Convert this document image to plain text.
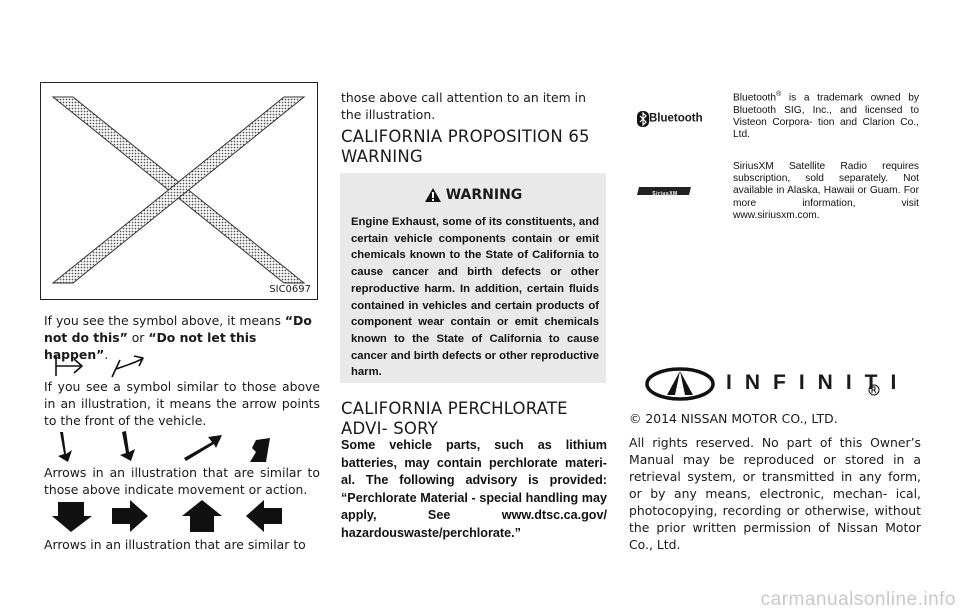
SIC0697

If you see the symbol above, it means “Do not do this” or “Do not let this happen”.

If you see a symbol similar to those above in an illustration, it means the arrow points to the front of the vehicle.

Arrows in an illustration that are similar to those above indicate movement or action.

Arrows in an illustration that are similar to

those above call attention to an item in the illustration.

CALIFORNIA PROPOSITION 65 WARNING
WARNING
Engine Exhaust, some of its constituents, and certain vehicle components contain or emit chemicals known to the State of California to cause cancer and birth defects or other reproductive harm. In addition, certain fluids contained in vehicles and certain products of component wear contain or emit chemicals known to the State of California to cause cancer and birth defects or other reproductive harm.
CALIFORNIA PERCHLORATE ADVI- SORY
Some vehicle parts, such as lithium batteries, may contain perchlorate materi- al. The following advisory is provided: “Perchlorate Material - special handling may apply, See www.dtsc.ca.gov/ hazardouswaste/perchlorate.”
Bluetooth
Bluetooth® is a trademark owned by Bluetooth SIG, Inc., and licensed to Visteon Corpora- tion and Clarion Co., Ltd.
SiriusXM
SiriusXM Satellite Radio requires subscription, sold separately. Not available in Alaska, Hawaii or Guam. For more information, visit www.siriusxm.com.
INFINITI

© 2014 NISSAN MOTOR CO., LTD.

All rights reserved. No part of this Owner’s Manual may be reproduced or stored in a retrieval system, or transmitted in any form, or by any means, electronic, mechan- ical, photocopying, recording or otherwise, without the prior written permission of Nissan Motor Co., Ltd.

carmanualsonline.info
